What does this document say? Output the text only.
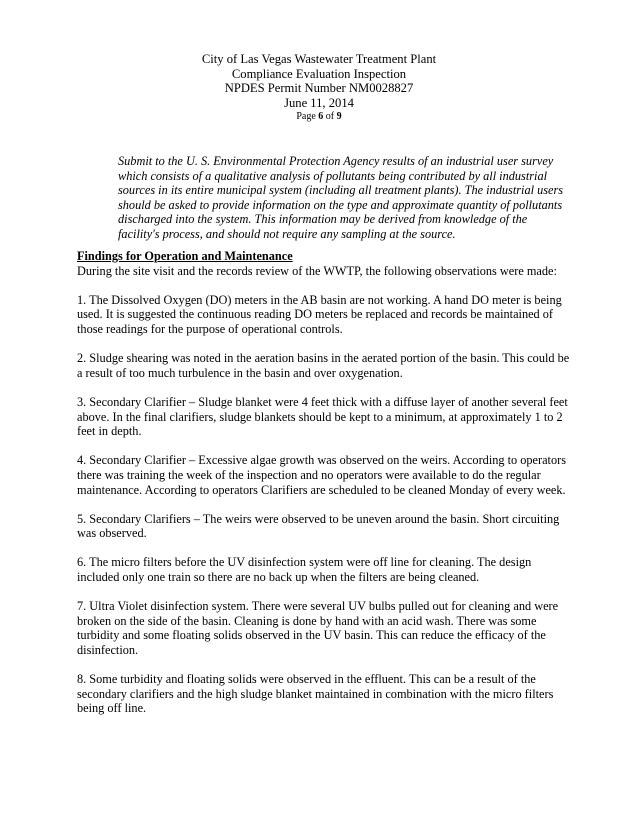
City of Las Vegas Wastewater Treatment Plant
Compliance Evaluation Inspection
NPDES Permit Number NM0028827
June 11, 2014
Page 6 of 9
Submit to the U. S. Environmental Protection Agency results of an industrial user survey which consists of a qualitative analysis of pollutants being contributed by all industrial sources in its entire municipal system (including all treatment plants). The industrial users should be asked to provide information on the type and approximate quantity of pollutants discharged into the system. This information may be derived from knowledge of the facility's process, and should not require any sampling at the source.
Findings for Operation and Maintenance

During the site visit and the records review of the WWTP, the following observations were made:

1. The Dissolved Oxygen (DO) meters in the AB basin are not working. A hand DO meter is being used. It is suggested the continuous reading DO meters be replaced and records be maintained of those readings for the purpose of operational controls.

2. Sludge shearing was noted in the aeration basins in the aerated portion of the basin. This could be a result of too much turbulence in the basin and over oxygenation.

3. Secondary Clarifier – Sludge blanket were 4 feet thick with a diffuse layer of another several feet above. In the final clarifiers, sludge blankets should be kept to a minimum, at approximately 1 to 2 feet in depth.

4. Secondary Clarifier – Excessive algae growth was observed on the weirs. According to operators there was training the week of the inspection and no operators were available to do the regular maintenance. According to operators Clarifiers are scheduled to be cleaned Monday of every week.

5. Secondary Clarifiers – The weirs were observed to be uneven around the basin. Short circuiting was observed.

6. The micro filters before the UV disinfection system were off line for cleaning. The design included only one train so there are no back up when the filters are being cleaned.

7. Ultra Violet disinfection system. There were several UV bulbs pulled out for cleaning and were broken on the side of the basin. Cleaning is done by hand with an acid wash. There was some turbidity and some floating solids observed in the UV basin. This can reduce the efficacy of the disinfection.

8. Some turbidity and floating solids were observed in the effluent. This can be a result of the secondary clarifiers and the high sludge blanket maintained in combination with the micro filters being off line.
